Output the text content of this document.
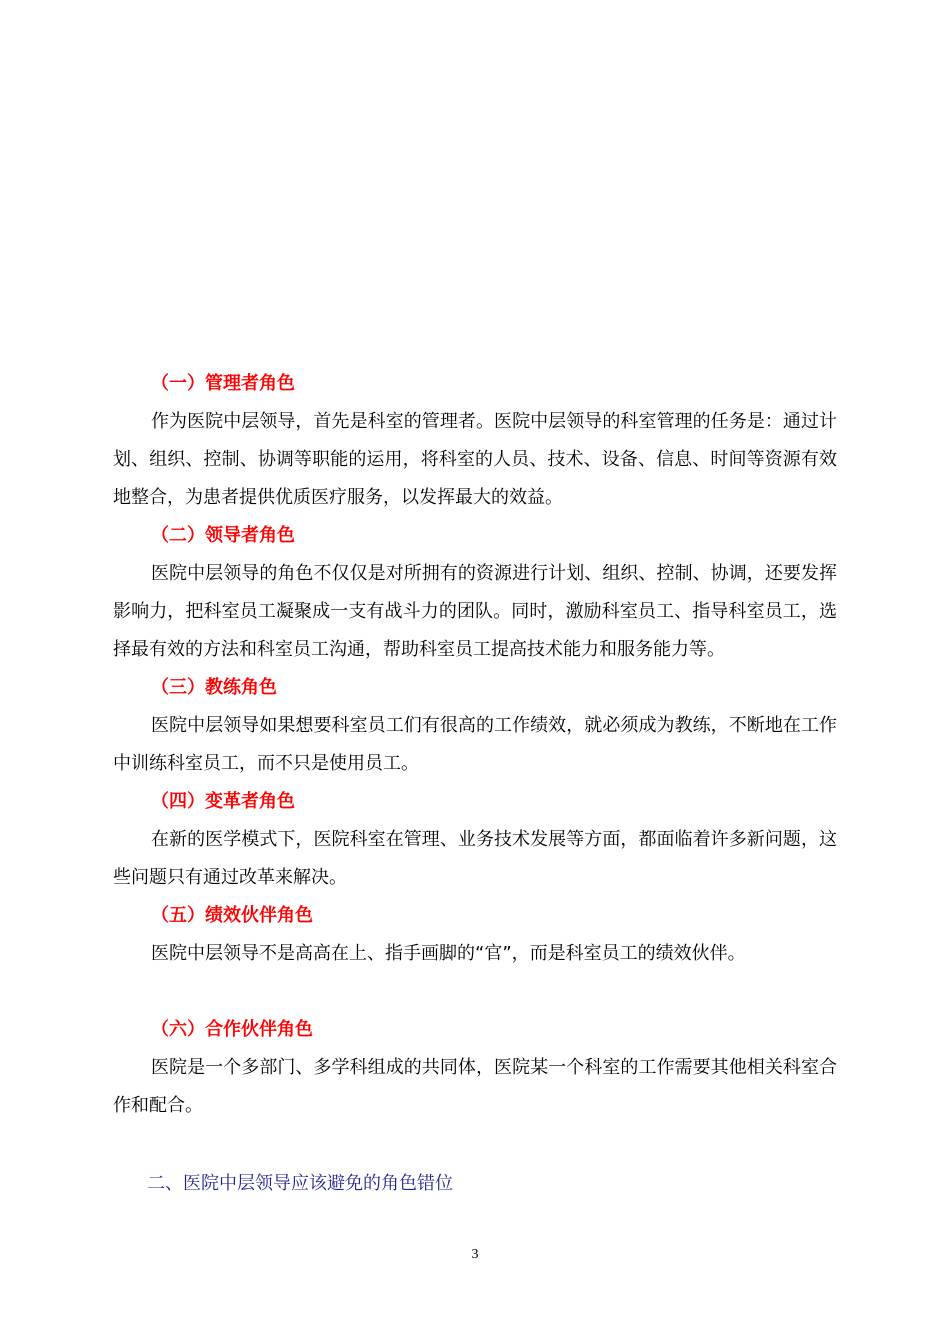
（一）管理者角色

作为医院中层领导，首先是科室的管理者。医院中层领导的科室管理的任务是：通过计划、组织、控制、协调等职能的运用，将科室的人员、技术、设备、信息、时间等资源有效地整合，为患者提供优质医疗服务，以发挥最大的效益。

（二）领导者角色

医院中层领导的角色不仅仅是对所拥有的资源进行计划、组织、控制、协调，还要发挥影响力，把科室员工凝聚成一支有战斗力的团队。同时，激励科室员工、指导科室员工，选择最有效的方法和科室员工沟通，帮助科室员工提高技术能力和服务能力等。

（三）教练角色

医院中层领导如果想要科室员工们有很高的工作绩效，就必须成为教练，不断地在工作中训练科室员工，而不只是使用员工。

（四）变革者角色

在新的医学模式下，医院科室在管理、业务技术发展等方面，都面临着许多新问题，这些问题只有通过改革来解决。

（五）绩效伙伴角色

医院中层领导不是高高在上、指手画脚的“官”，而是科室员工的绩效伙伴。

（六）合作伙伴角色

医院是一个多部门、多学科组成的共同体，医院某一个科室的工作需要其他相关科室合作和配合。

二、医院中层领导应该避免的角色错位

3
